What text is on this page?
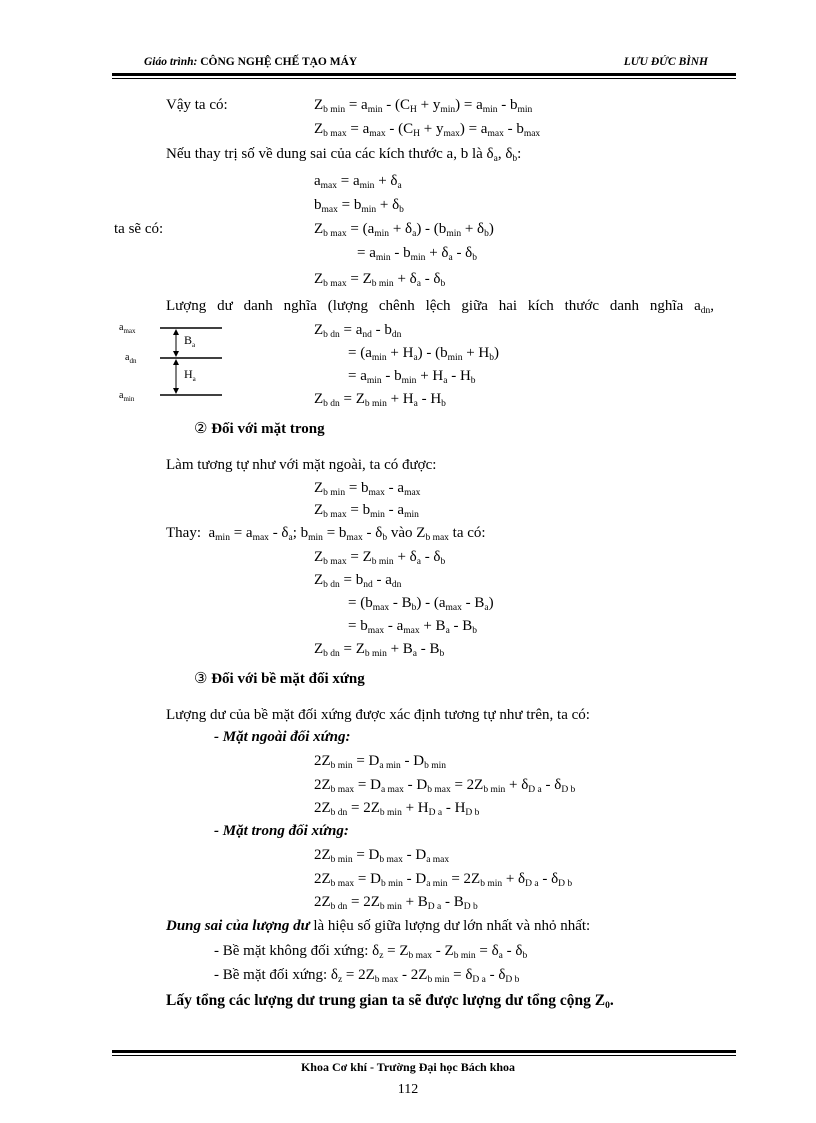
Giáo trình: CÔNG NGHỆ CHẾ TẠO MÁY	LƯU ĐỨC BÌNH
Vậy ta có:	$Z_{b min} = a_{min} - (C_H + y_{min}) = a_{min} - b_{min}$
$Z_{b max} = a_{max} - (C_H + y_{max}) = a_{max} - b_{max}$
Nếu thay trị số về dung sai của các kích thước a, b là $\delta_a$, $\delta_b$:
$a_{max} = a_{min} + \delta_a$
$b_{max} = b_{min} + \delta_b$
ta sẽ có:	$Z_{b max} = (a_{min} + \delta_a) - (b_{min} + \delta_b)$
= $a_{min} - b_{min} + \delta_a - \delta_b$
$Z_{b max} = Z_{b min} + \delta_a - \delta_b$
Lượng dư danh nghĩa (lượng chênh lệch giữa hai kích thước danh nghĩa $a_{dn}$,
$a_{max}$
$a_{dn}$
$a_{min}$
$B_a$
$H_a$
$Z_{b dn} = a_{nd} - b_{dn}$
= $(a_{min} + H_a) - (b_{min} + H_b)$
= $a_{min} - b_{min} + H_a - H_b$
$Z_{b dn} = Z_{b min} + H_a - H_b$
② Đối với mặt trong
Làm tương tự như với mặt ngoài, ta có được:
$Z_{b min} = b_{max} - a_{max}$
$Z_{b max} = b_{min} - a_{min}$
Thay:  $a_{min} = a_{max} - \delta_a$; $b_{min} = b_{max} - \delta_b$ vào $Z_{b max}$ ta có:
$Z_{b max} = Z_{b min} + \delta_a - \delta_b$
$Z_{b dn} = b_{nd} - a_{dn}$
= $(b_{max} - B_b) - (a_{max} - B_a)$
= $b_{max} - a_{max} + B_a - B_b$
$Z_{b dn} = Z_{b min} + B_a - B_b$
③ Đối với bề mặt đối xứng
Lượng dư của bề mặt đối xứng được xác định tương tự như trên, ta có:
- Mặt ngoài đối xứng:
$2Z_{b min} = D_{a min} - D_{b min}$
$2Z_{b max} = D_{a max} - D_{b max} = 2Z_{b min} + \delta_{D a} - \delta_{D b}$
$2Z_{b dn} = 2Z_{b min} + H_{D a} - H_{D b}$
- Mặt trong đối xứng:
$2Z_{b min} = D_{b max} - D_{a max}$
$2Z_{b max} = D_{b min} - D_{a min} = 2Z_{b min} + \delta_{D a} - \delta_{D b}$
$2Z_{b dn} = 2Z_{b min} + B_{D a} - B_{D b}$
Dung sai của lượng dư là hiệu số giữa lượng dư lớn nhất và nhỏ nhất:
- Bề mặt không đối xứng: $\delta_z = Z_{b max} - Z_{b min} = \delta_a - \delta_b$
- Bề mặt đối xứng: $\delta_z = 2Z_{b max} - 2Z_{b min} = \delta_{D a} - \delta_{D b}$
Lấy tổng các lượng dư trung gian ta sẽ được lượng dư tổng cộng $Z_0$.
Khoa Cơ khí - Trường Đại học Bách khoa
112
